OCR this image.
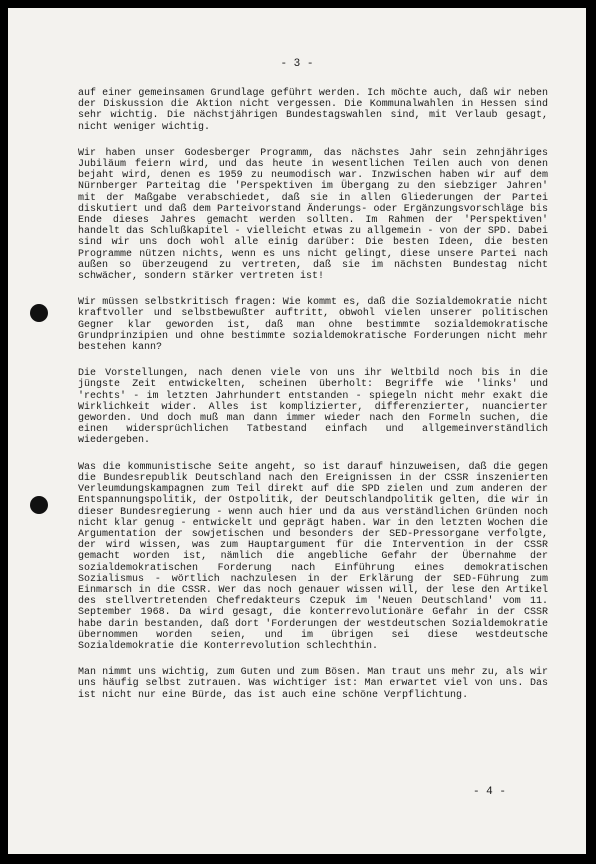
- 3 -

auf einer gemeinsamen Grundlage geführt werden. Ich möchte auch, daß wir neben der Diskussion die Aktion nicht vergessen. Die Kommunalwahlen in Hessen sind sehr wichtig. Die nächstjährigen Bundestagswahlen sind, mit Verlaub gesagt, nicht weniger wichtig.

Wir haben unser Godesberger Programm, das nächstes Jahr sein zehnjähriges Jubiläum feiern wird, und das heute in wesentlichen Teilen auch von denen bejaht wird, denen es 1959 zu neumodisch war. Inzwischen haben wir auf dem Nürnberger Parteitag die 'Perspektiven im Übergang zu den siebziger Jahren' mit der Maßgabe verabschiedet, daß sie in allen Gliederungen der Partei diskutiert und daß dem Parteivorstand Änderungs- oder Ergänzungsvorschläge bis Ende dieses Jahres gemacht werden sollten. Im Rahmen der 'Perspektiven' handelt das Schlußkapitel - vielleicht etwas zu allgemein - von der SPD. Dabei sind wir uns doch wohl alle einig darüber: Die besten Ideen, die besten Programme nützen nichts, wenn es uns nicht gelingt, diese unsere Partei nach außen so überzeugend zu vertreten, daß sie im nächsten Bundestag nicht schwächer, sondern stärker vertreten ist!

Wir müssen selbstkritisch fragen: Wie kommt es, daß die Sozialdemokratie nicht kraftvoller und selbstbewußter auftritt, obwohl vielen unserer politischen Gegner klar geworden ist, daß man ohne bestimmte sozialdemokratische Grundprinzipien und ohne bestimmte sozialdemokratische Forderungen nicht mehr bestehen kann?

Die Vorstellungen, nach denen viele von uns ihr Weltbild noch bis in die jüngste Zeit entwickelten, scheinen überholt: Begriffe wie 'links' und 'rechts' - im letzten Jahrhundert entstanden - spiegeln nicht mehr exakt die Wirklichkeit wider. Alles ist komplizierter, differenzierter, nuancierter geworden. Und doch muß man dann immer wieder nach den Formeln suchen, die einen widersprüchlichen Tatbestand einfach und allgemeinverständlich wiedergeben.

Was die kommunistische Seite angeht, so ist darauf hinzuweisen, daß die gegen die Bundesrepublik Deutschland nach den Ereignissen in der CSSR inszenierten Verleumdungskampagnen zum Teil direkt auf die SPD zielen und zum anderen der Entspannungspolitik, der Ostpolitik, der Deutschlandpolitik gelten, die wir in dieser Bundesregierung - wenn auch hier und da aus verständlichen Gründen noch nicht klar genug - entwickelt und geprägt haben. War in den letzten Wochen die Argumentation der sowjetischen und besonders der SED-Pressorgane verfolgte, der wird wissen, was zum Hauptargument für die Intervention in der CSSR gemacht worden ist, nämlich die angebliche Gefahr der Übernahme der sozialdemokratischen Forderung nach Einführung eines demokratischen Sozialismus - wörtlich nachzulesen in der Erklärung der SED-Führung zum Einmarsch in die CSSR. Wer das noch genauer wissen will, der lese den Artikel des stellvertretenden Chefredakteurs Czepuk im 'Neuen Deutschland' vom 11. September 1968. Da wird gesagt, die konterrevolutionäre Gefahr in der CSSR habe darin bestanden, daß dort 'Forderungen der westdeutschen Sozialdemokratie übernommen worden seien, und im übrigen sei diese westdeutsche Sozialdemokratie die Konterrevolution schlechthin.

Man nimmt uns wichtig, zum Guten und zum Bösen. Man traut uns mehr zu, als wir uns häufig selbst zutrauen. Was wichtiger ist: Man erwartet viel von uns. Das ist nicht nur eine Bürde, das ist auch eine schöne Verpflichtung.

- 4 -
